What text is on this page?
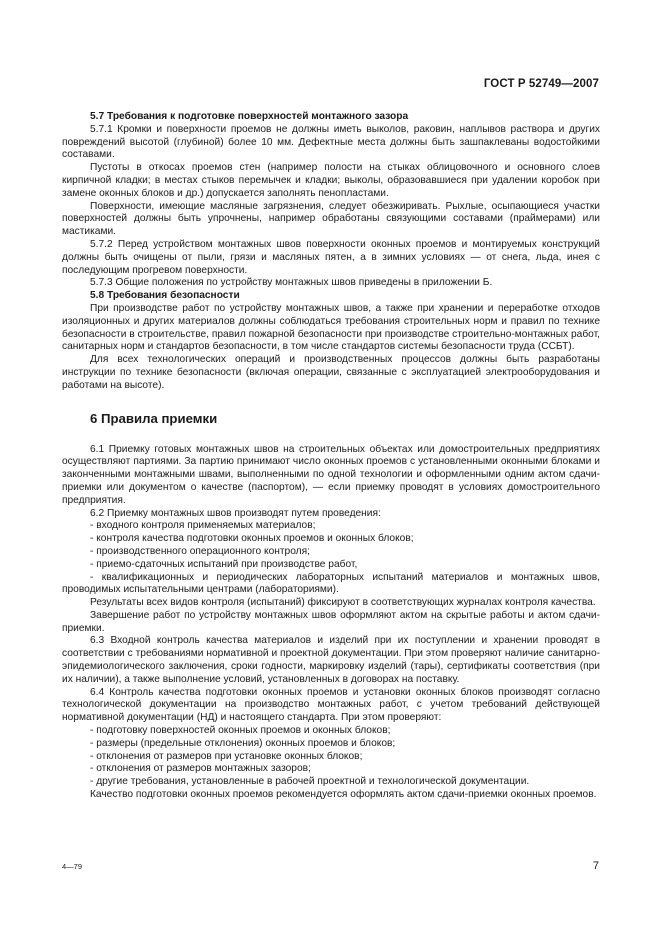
ГОСТ Р 52749—2007

5.7 Требования к подготовке поверхностей монтажного зазора

5.7.1 Кромки и поверхности проемов не должны иметь выколов, раковин, наплывов раствора и других повреждений высотой (глубиной) более 10 мм. Дефектные места должны быть зашпаклеваны водостойкими составами.

Пустоты в откосах проемов стен (например полости на стыках облицовочного и основного слоев кирпичной кладки; в местах стыков перемычек и кладки; выколы, образовавшиеся при удалении коробок при замене оконных блоков и др.) допускается заполнять пенопластами.

Поверхности, имеющие масляные загрязнения, следует обезжиривать. Рыхлые, осыпающиеся участки поверхностей должны быть упрочнены, например обработаны связующими составами (праймерами) или мастиками.

5.7.2 Перед устройством монтажных швов поверхности оконных проемов и монтируемых конструкций должны быть очищены от пыли, грязи и масляных пятен, а в зимних условиях — от снега, льда, инея с последующим прогревом поверхности.

5.7.3 Общие положения по устройству монтажных швов приведены в приложении Б.

5.8 Требования безопасности

При производстве работ по устройству монтажных швов, а также при хранении и переработке отходов изоляционных и других материалов должны соблюдаться требования строительных норм и правил по технике безопасности в строительстве, правил пожарной безопасности при производстве строительно-монтажных работ, санитарных норм и стандартов безопасности, в том числе стандартов системы безопасности труда (ССБТ).

Для всех технологических операций и производственных процессов должны быть разработаны инструкции по технике безопасности (включая операции, связанные с эксплуатацией электрооборудования и работами на высоте).

6 Правила приемки

6.1 Приемку готовых монтажных швов на строительных объектах или домостроительных предприятиях осуществляют партиями. За партию принимают число оконных проемов с установленными оконными блоками и законченными монтажными швами, выполненными по одной технологии и оформленными одним актом сдачи-приемки или документом о качестве (паспортом), — если приемку проводят в условиях домостроительного предприятия.

6.2 Приемку монтажных швов производят путем проведения:

- входного контроля применяемых материалов;

- контроля качества подготовки оконных проемов и оконных блоков;

- производственного операционного контроля;

- приемо-сдаточных испытаний при производстве работ,

- квалификационных и периодических лабораторных испытаний материалов и монтажных швов, проводимых испытательными центрами (лабораториями).

Результаты всех видов контроля (испытаний) фиксируют в соответствующих журналах контроля качества.

Завершение работ по устройству монтажных швов оформляют актом на скрытые работы и актом сдачи-приемки.

6.3 Входной контроль качества материалов и изделий при их поступлении и хранении проводят в соответствии с требованиями нормативной и проектной документации. При этом проверяют наличие санитарно-эпидемиологического заключения, сроки годности, маркировку изделий (тары), сертификаты соответствия (при их наличии), а также выполнение условий, установленных в договорах на поставку.

6.4 Контроль качества подготовки оконных проемов и установки оконных блоков производят согласно технологической документации на производство монтажных работ, с учетом требований действующей нормативной документации (НД) и настоящего стандарта. При этом проверяют:

- подготовку поверхностей оконных проемов и оконных блоков;

- размеры (предельные отклонения) оконных проемов и блоков;

- отклонения от размеров при установке оконных блоков;

- отклонения от размеров монтажных зазоров;

- другие требования, установленные в рабочей проектной и технологической документации.

Качество подготовки оконных проемов рекомендуется оформлять актом сдачи-приемки оконных проемов.

4—79	7
